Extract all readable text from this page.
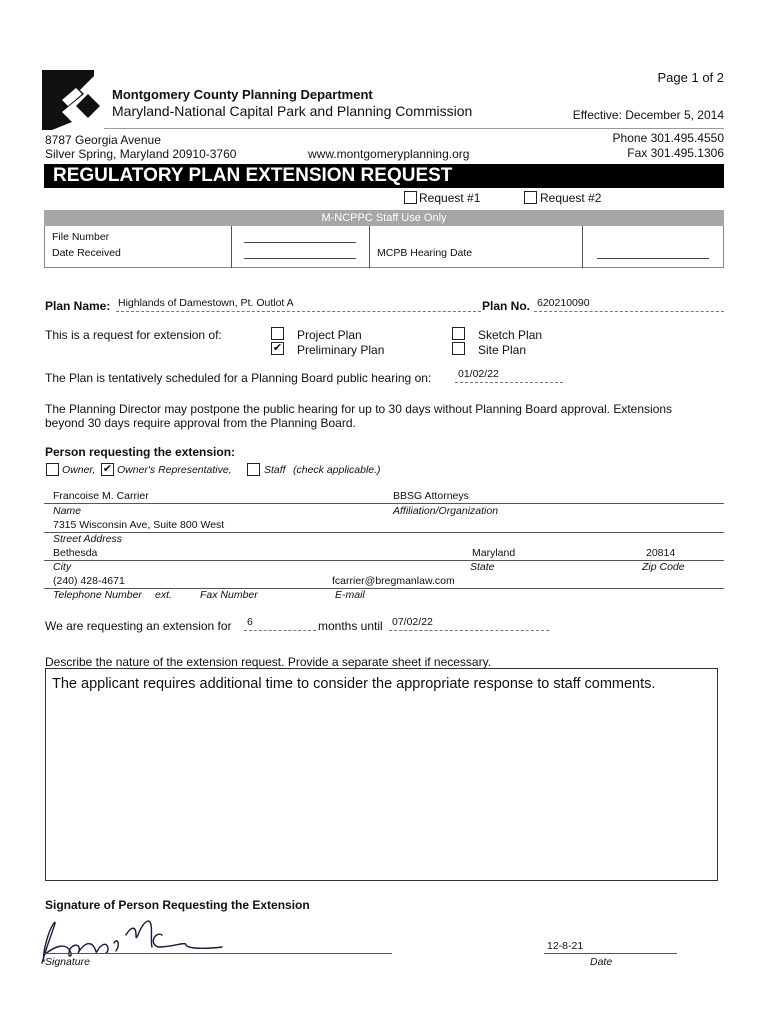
Page 1 of 2
Montgomery County Planning Department
Maryland-National Capital Park and Planning Commission	Effective: December 5, 2014
8787 Georgia Avenue
Silver Spring, Maryland 20910-3760	www.montgomeryplanning.org
Phone 301.495.4550
Fax 301.495.1306
REGULATORY PLAN EXTENSION REQUEST
Request #1	Request #2
M-NCPPC Staff Use Only
File Number
Date Received	MCPB Hearing Date
Plan Name: Highlands of Damestown, Pt. Outlot A	Plan No. 620210090
This is a request for extension of:	Project Plan
✔
Preliminary Plan
Sketch Plan
Site Plan
The Plan is tentatively scheduled for a Planning Board public hearing on:	01/02/22
The Planning Director may postpone the public hearing for up to 30 days without Planning Board approval. Extensions
beyond 30 days require approval from the Planning Board.
Person requesting the extension:
Owner,
✔ Owner's Representative,	Staff (check applicable.)
Francoise M. Carrier	BBSG Attorneys
Name	Affiliation/Organization
7315 Wisconsin Ave, Suite 800 West
Street Address
Bethesda	Maryland	20814
City	State	Zip Code
(240) 428-4671	fcarrier@bregmanlaw.com
Telephone Number ext.	Fax Number	E-mail
We are requesting an extension for 6	months until 07/02/22
Describe the nature of the extension request. Provide a separate sheet if necessary.
The applicant requires additional time to consider the appropriate response to staff comments.
Signature of Person Requesting the Extension
Signature
12-8-21
Date
